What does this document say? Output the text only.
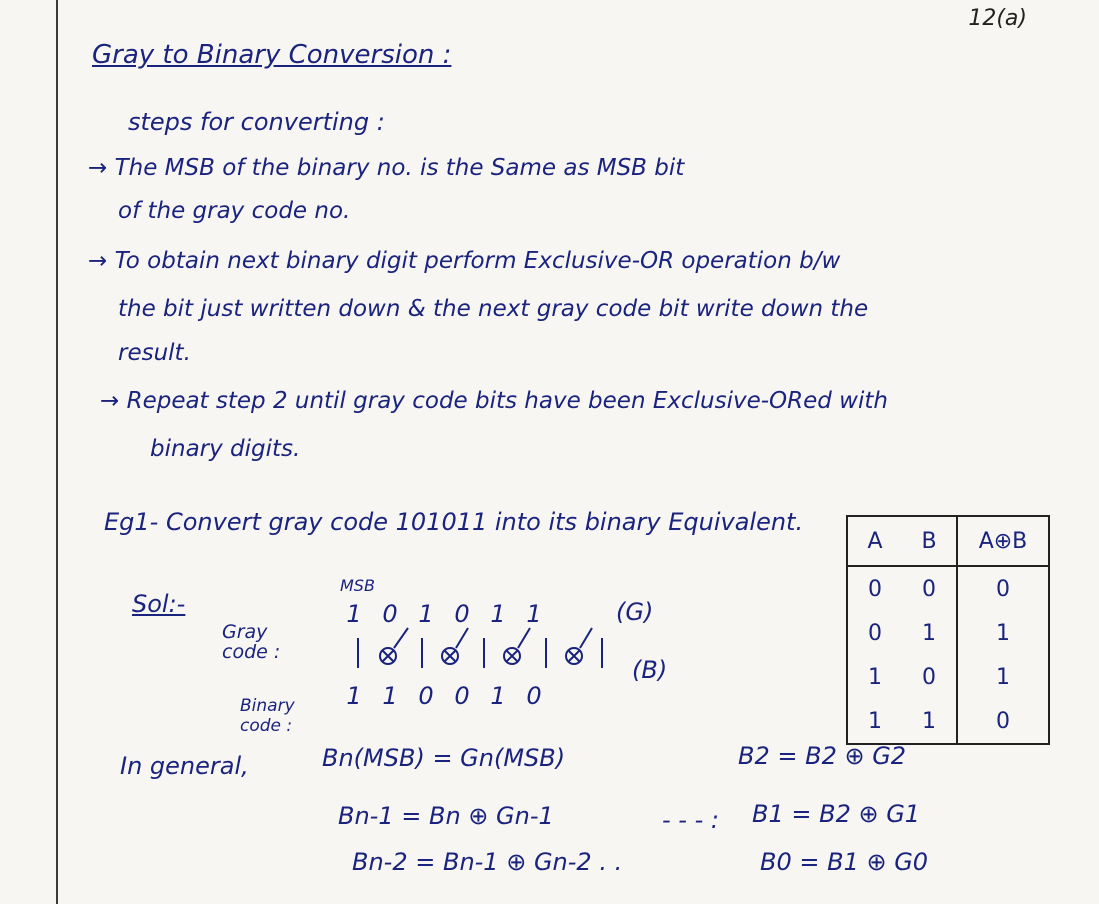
12(a)
Gray to Binary Conversion :
steps for converting :
→ The MSB of the binary no. is the Same as MSB bit
of the gray code no.
→ To obtain next binary digit perform Exclusive-OR operation b/w
the bit just written down & the next gray code bit write down the
result.
→ Repeat step 2 until gray code bits have been Exclusive-ORed with
binary digits.
Eg1- Convert gray code 101011 into its binary Equivalent.
Sol:-
MSB
Gray code :
1 0 1 0 1 1	(G)
(B)
Binary code :
1 1 0 0 1 0
A	B	A⊕B
0	0	0
0	1	1
1	0	1
1	1	0
In general,	Bn(MSB) = Gn(MSB)
Bn-1 = Bn ⊕ Gn-1
Bn-2 = Bn-1 ⊕ Gn-2 . .
B2 = B2 ⊕ G2
- - - : B1 = B2 ⊕ G1
B0 = B1 ⊕ G0
